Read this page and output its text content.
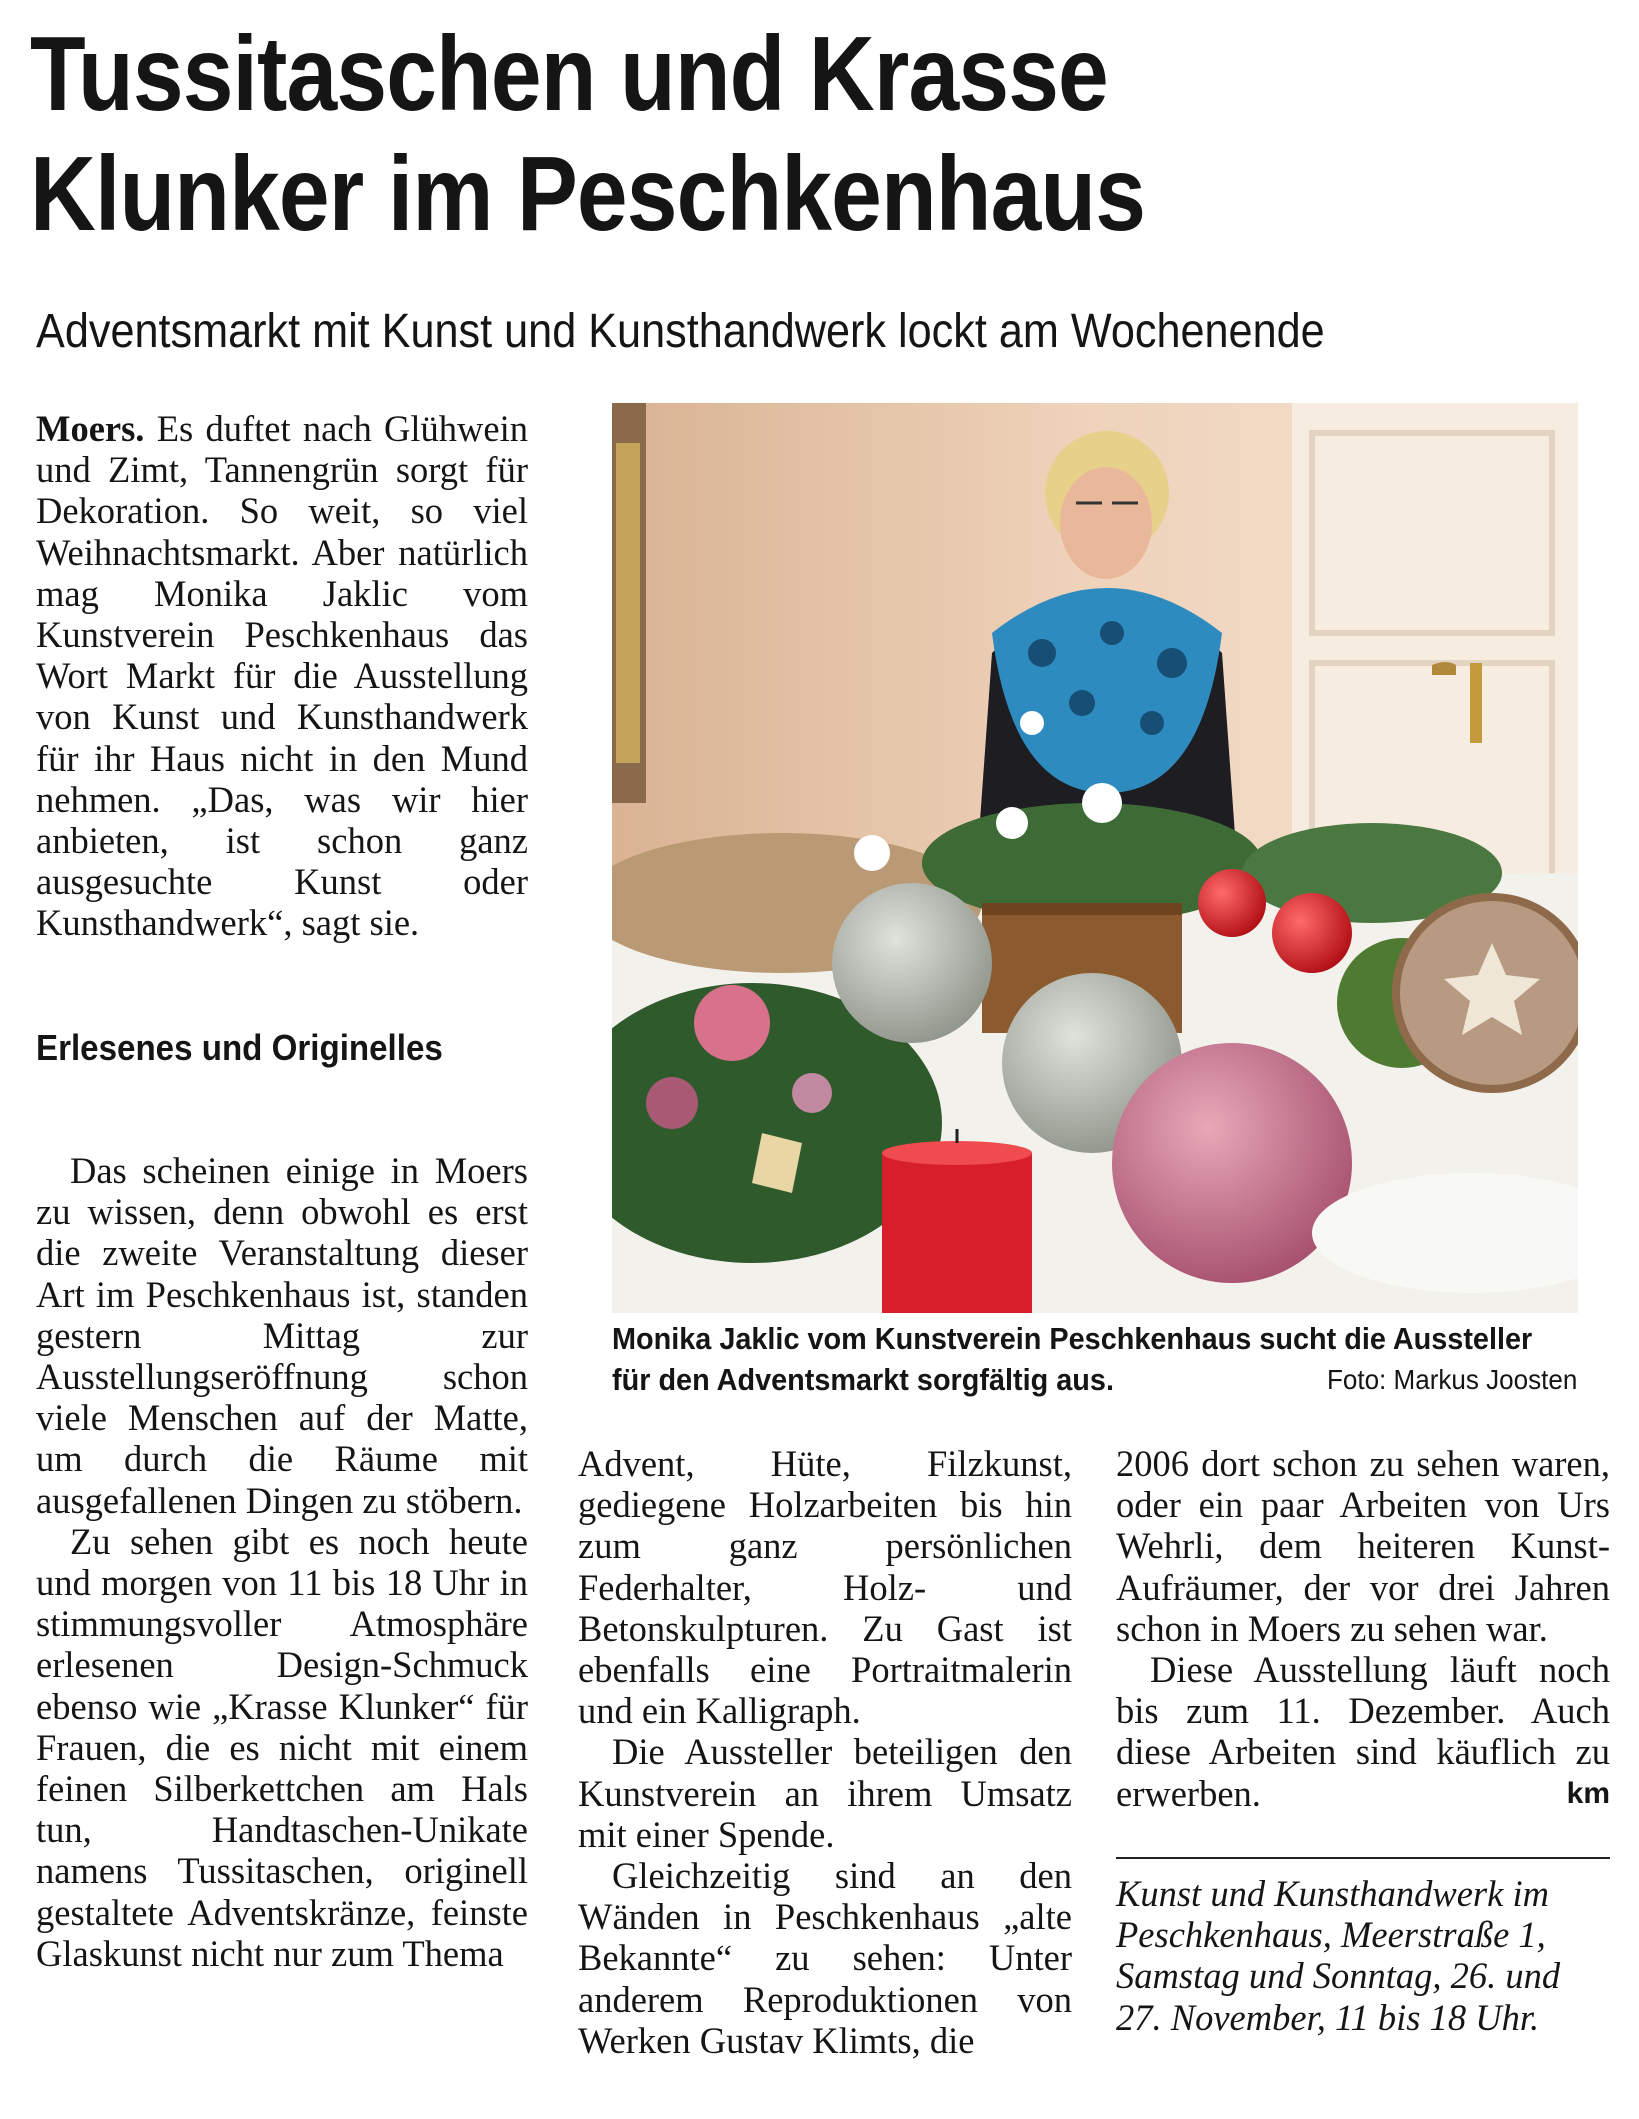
Tussitaschen und Krasse
Klunker im Peschkenhaus
Adventsmarkt mit Kunst und Kunsthandwerk lockt am Wochenende

Moers. Es duftet nach Glühwein und Zimt, Tannengrün sorgt für Dekoration. So weit, so viel Weihnachtsmarkt. Aber natürlich mag Monika Jaklic vom Kunstverein Peschkenhaus das Wort Markt für die Ausstellung von Kunst und Kunsthandwerk für ihr Haus nicht in den Mund nehmen. „Das, was wir hier anbieten, ist schon ganz ausgesuchte Kunst oder Kunsthandwerk“, sagt sie.

Erlesenes und Originelles

Das scheinen einige in Moers zu wissen, denn obwohl es erst die zweite Veranstaltung dieser Art im Peschkenhaus ist, standen gestern Mittag zur Ausstellungseröffnung schon viele Menschen auf der Matte, um durch die Räume mit ausgefallenen Dingen zu stöbern.

Zu sehen gibt es noch heute und morgen von 11 bis 18 Uhr in stimmungsvoller Atmosphäre erlesenen Design-Schmuck ebenso wie „Krasse Klunker“ für Frauen, die es nicht mit einem feinen Silberkettchen am Hals tun, Handtaschen-Unikate namens Tussitaschen, originell gestaltete Adventskränze, feinste Glaskunst nicht nur zum Thema

Monika Jaklic vom Kunstverein Peschkenhaus sucht die Aussteller für den Adventsmarkt sorgfältig aus.	Foto: Markus Joosten

Advent, Hüte, Filzkunst, gediegene Holzarbeiten bis hin zum ganz persönlichen Federhalter, Holz- und Betonskulpturen. Zu Gast ist ebenfalls eine Portraitmalerin und ein Kalligraph.

Die Aussteller beteiligen den Kunstverein an ihrem Umsatz mit einer Spende.

Gleichzeitig sind an den Wänden in Peschkenhaus „alte Bekannte“ zu sehen: Unter anderem Reproduktionen von Werken Gustav Klimts, die

2006 dort schon zu sehen waren, oder ein paar Arbeiten von Urs Wehrli, dem heiteren Kunst-Aufräumer, der vor drei Jahren schon in Moers zu sehen war.

Diese Ausstellung läuft noch bis zum 11. Dezember. Auch diese Arbeiten sind käuflich zu erwerben.	km

Kunst und Kunsthandwerk im Peschkenhaus, Meerstraße 1, Samstag und Sonntag, 26. und 27. November, 11 bis 18 Uhr.
